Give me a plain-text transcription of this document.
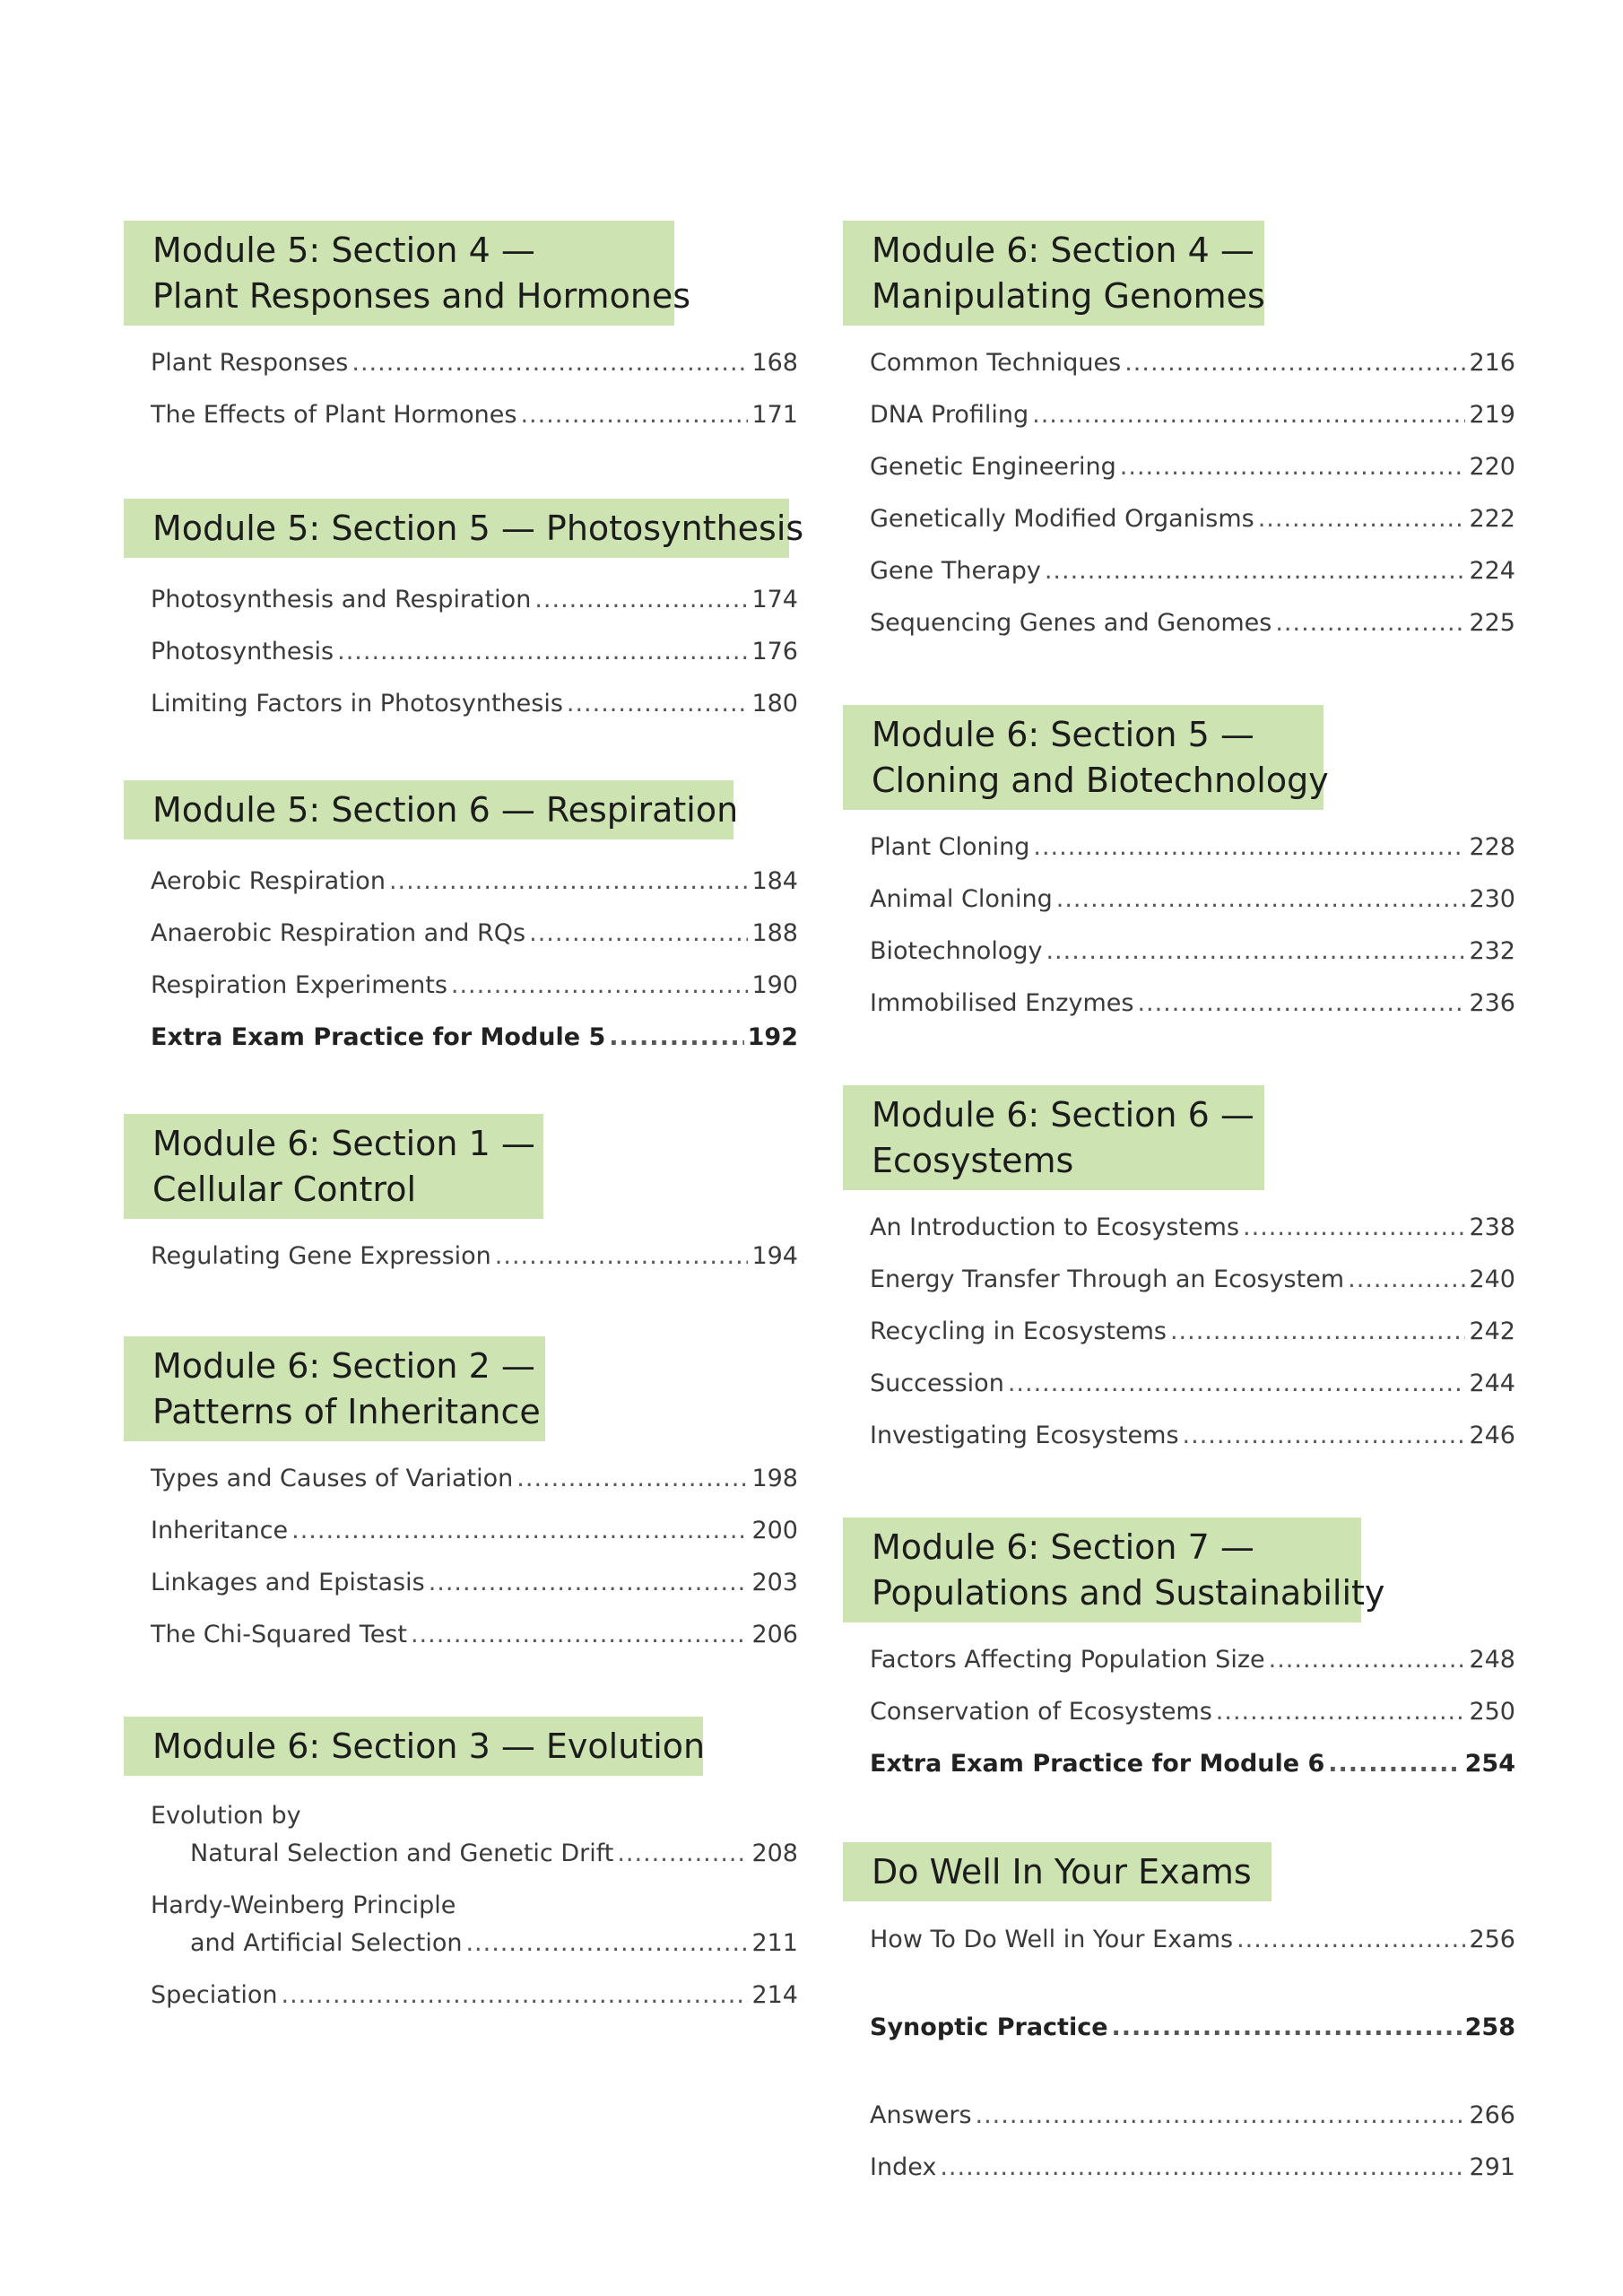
Module 5: Section 4 —
Plant Responses and Hormones
Plant Responses .....	168
The Effects of Plant Hormones .....	171
Module 5: Section 5 — Photosynthesis
Photosynthesis and Respiration .....	174
Photosynthesis .....	176
Limiting Factors in Photosynthesis .....	180
Module 5: Section 6 — Respiration
Aerobic Respiration .....	184
Anaerobic Respiration and RQs .....	188
Respiration Experiments .....	190
Extra Exam Practice for Module 5 .....	192
Module 6: Section 1 —
Cellular Control
Regulating Gene Expression .....	194
Module 6: Section 2 —
Patterns of Inheritance
Types and Causes of Variation .....	198
Inheritance .....	200
Linkages and Epistasis .....	203
The Chi-Squared Test .....	206
Module 6: Section 3 — Evolution
Evolution by
Natural Selection and Genetic Drift .....	208
Hardy-Weinberg Principle
and Artificial Selection .....	211
Speciation .....	214
Module 6: Section 4 —
Manipulating Genomes
Common Techniques .....	216
DNA Profiling .....	219
Genetic Engineering .....	220
Genetically Modified Organisms .....	222
Gene Therapy .....	224
Sequencing Genes and Genomes .....	225
Module 6: Section 5 —
Cloning and Biotechnology
Plant Cloning .....	228
Animal Cloning .....	230
Biotechnology .....	232
Immobilised Enzymes .....	236
Module 6: Section 6 —
Ecosystems
An Introduction to Ecosystems .....	238
Energy Transfer Through an Ecosystem .....	240
Recycling in Ecosystems .....	242
Succession .....	244
Investigating Ecosystems .....	246
Module 6: Section 7 —
Populations and Sustainability
Factors Affecting Population Size .....	248
Conservation of Ecosystems .....	250
Extra Exam Practice for Module 6 .....	254
Do Well In Your Exams
How To Do Well in Your Exams .....	256
Synoptic Practice .....	258
Answers .....	266
Index .....	291
